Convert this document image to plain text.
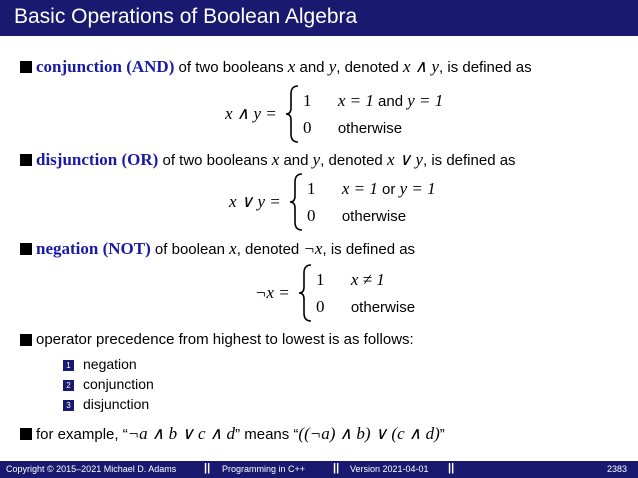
Basic Operations of Boolean Algebra
conjunction (AND) of two booleans x and y, denoted x ∧ y, is defined as
x ∧ y =
1 x = 1 and y = 1
0 otherwise
disjunction (OR) of two booleans x and y, denoted x ∨ y, is defined as
x ∨ y =
1 x = 1 or y = 1
0 otherwise
negation (NOT) of boolean x, denoted ¬x, is defined as
¬x =
1 x ≠ 1
0 otherwise
operator precedence from highest to lowest is as follows:
1 negation
2 conjunction
3 disjunction
for example, “¬a ∧ b ∨ c ∧ d” means “((¬a) ∧ b) ∨ (c ∧ d)”
Copyright © 2015–2021 Michael D. Adams	|| Programming in C++	|| Version 2021-04-01 ||	2383
